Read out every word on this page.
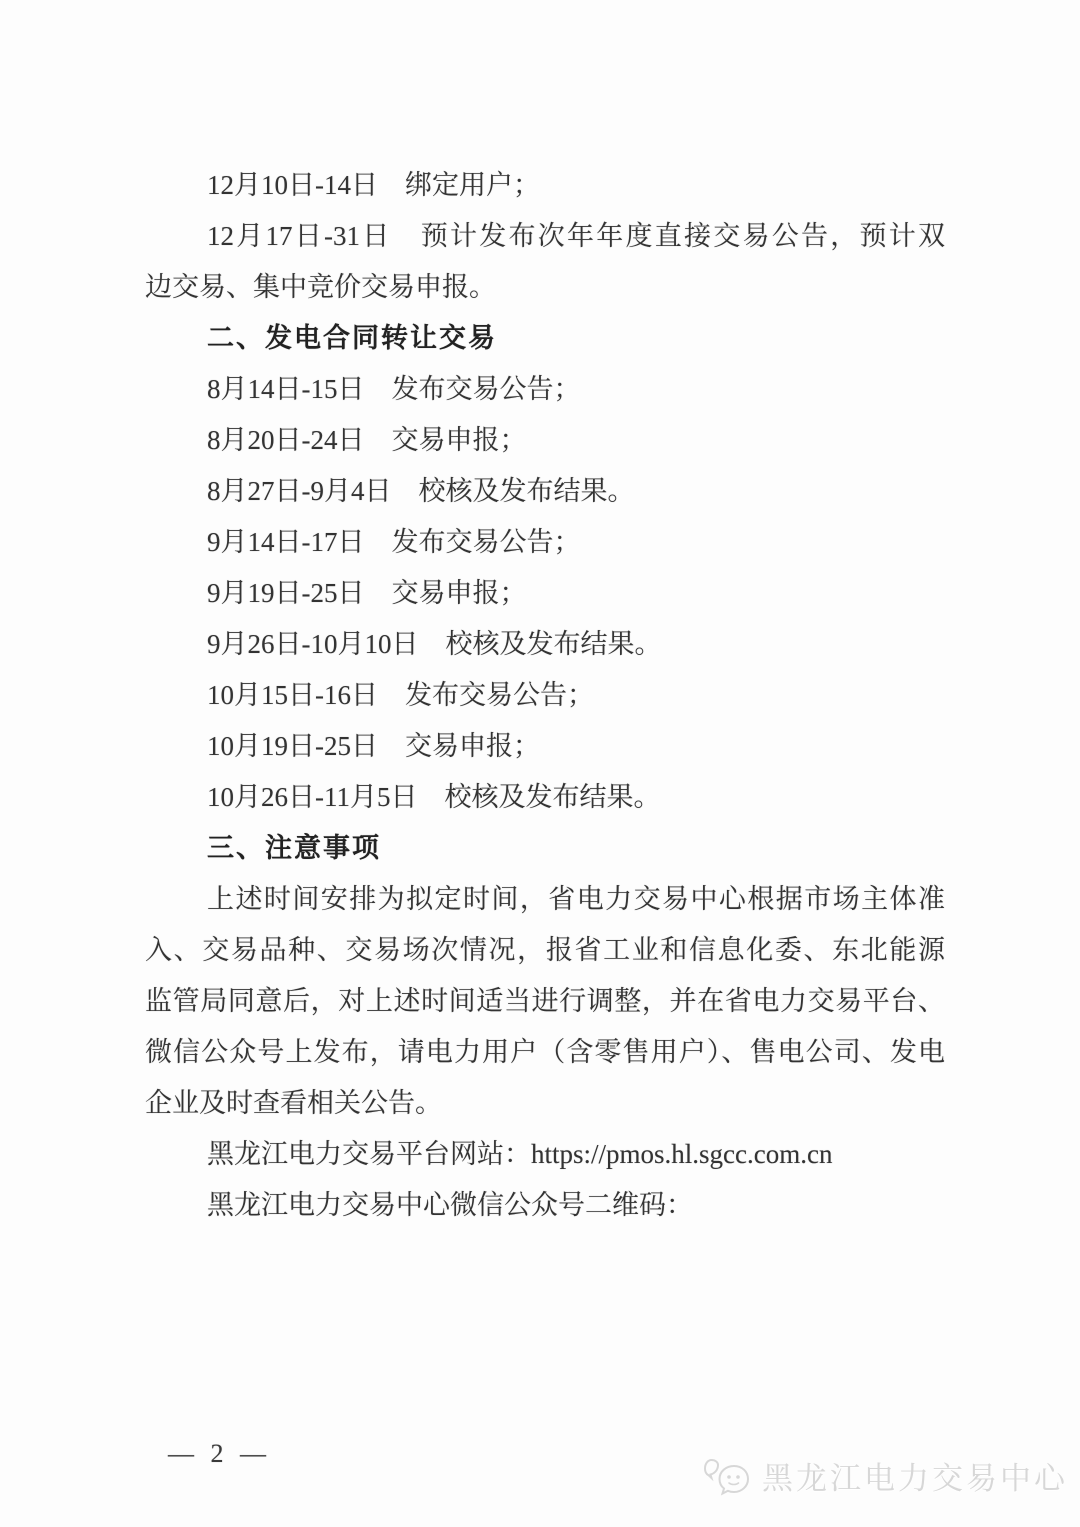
12月10日-14日　绑定用户；
12月17日-31日　预计发布次年年度直接交易公告，预计双
边交易、集中竞价交易申报。
二、发电合同转让交易
8月14日-15日　发布交易公告；
8月20日-24日　交易申报；
8月27日-9月4日　校核及发布结果。
9月14日-17日　发布交易公告；
9月19日-25日　交易申报；
9月26日-10月10日　校核及发布结果。
10月15日-16日　发布交易公告；
10月19日-25日　交易申报；
10月26日-11月5日　校核及发布结果。
三、注意事项
上述时间安排为拟定时间，省电力交易中心根据市场主体准
入、交易品种、交易场次情况，报省工业和信息化委、东北能源
监管局同意后，对上述时间适当进行调整，并在省电力交易平台、
微信公众号上发布，请电力用户（含零售用户）、售电公司、发电
企业及时查看相关公告。
黑龙江电力交易平台网站：https://pmos.hl.sgcc.com.cn
黑龙江电力交易中心微信公众号二维码：
— 2 —
黑龙江电力交易中心
